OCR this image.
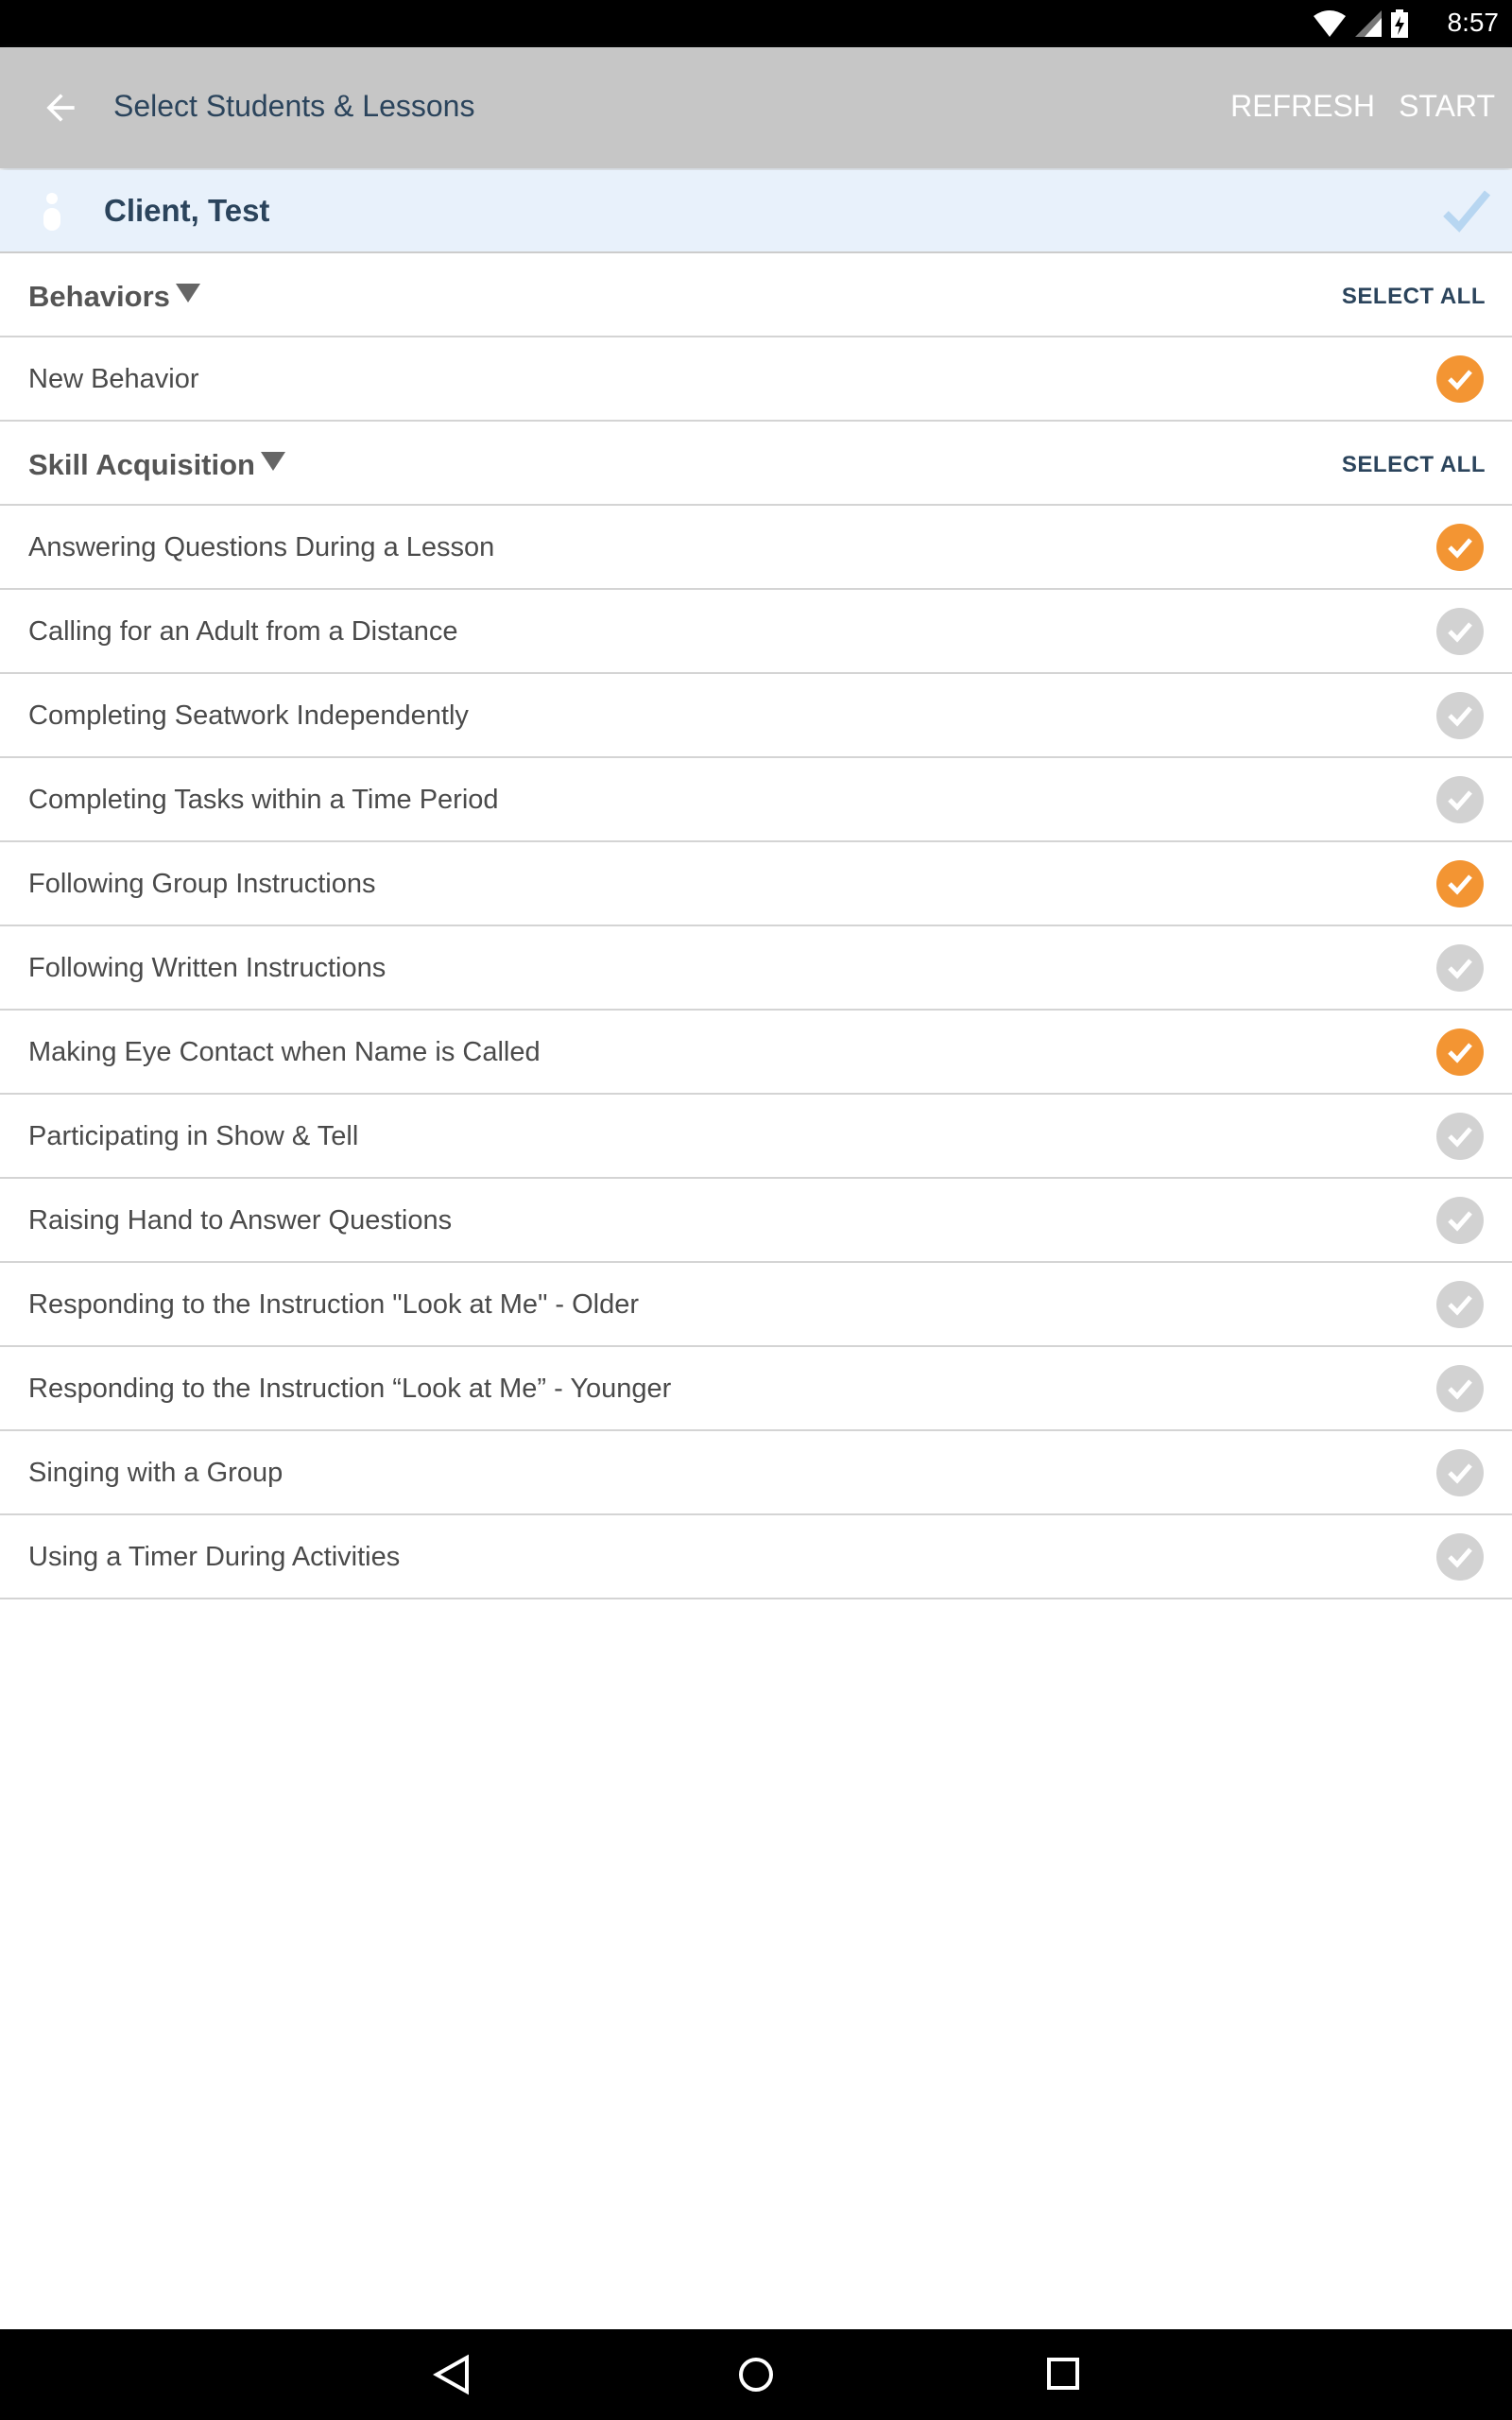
8:57
Select Students & Lessons	REFRESH START
Client, Test
Behaviors	SELECT ALL
New Behavior
Skill Acquisition	SELECT ALL
Answering Questions During a Lesson
Calling for an Adult from a Distance
Completing Seatwork Independently
Completing Tasks within a Time Period
Following Group Instructions
Following Written Instructions
Making Eye Contact when Name is Called
Participating in Show & Tell
Raising Hand to Answer Questions
Responding to the Instruction "Look at Me" - Older
Responding to the Instruction “Look at Me” - Younger
Singing with a Group
Using a Timer During Activities
